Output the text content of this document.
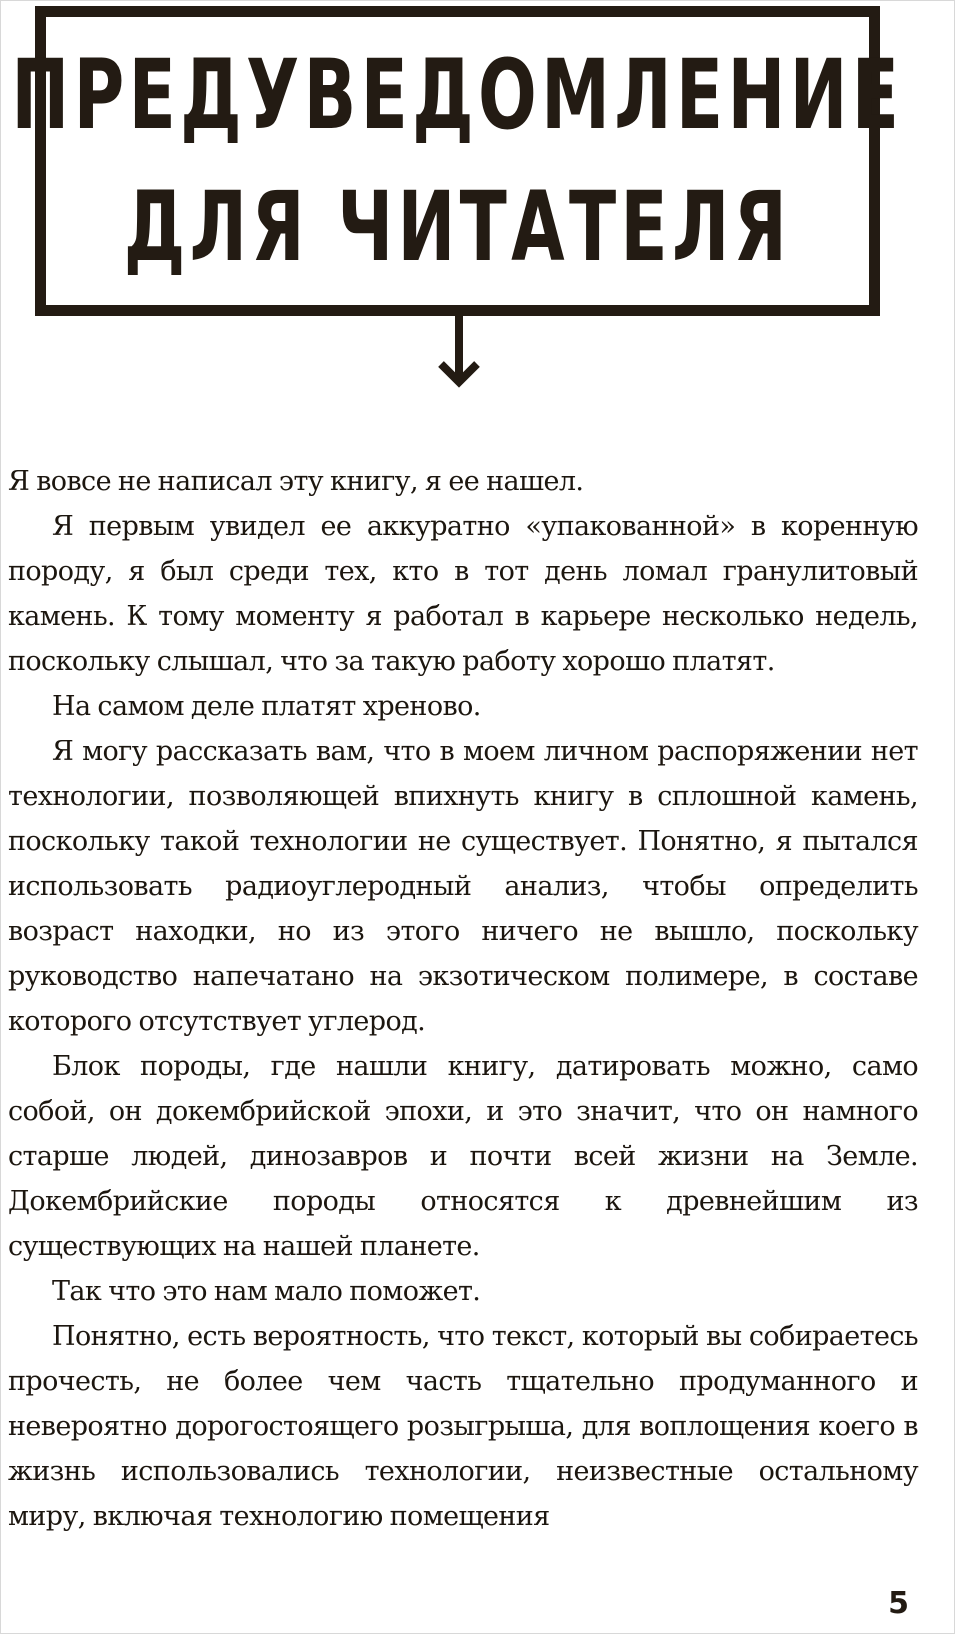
ПРЕДУВЕДОМЛЕНИЕ
ДЛЯ ЧИТАТЕЛЯ

Я вовсе не написал эту книгу, я ее нашел.

Я первым увидел ее аккуратно «упакованной» в коренную породу, я был среди тех, кто в тот день ломал гранулитовый камень. К тому моменту я работал в карьере несколько недель, поскольку слышал, что за такую работу хорошо платят.

На самом деле платят хреново.

Я могу рассказать вам, что в моем личном распоряжении нет технологии, позволяющей впихнуть книгу в сплошной камень, поскольку такой технологии не существует. Понятно, я пытался использовать радиоуглеродный анализ, чтобы определить возраст находки, но из этого ничего не вышло, поскольку руководство напечатано на экзотическом полимере, в составе которого отсутствует углерод.

Блок породы, где нашли книгу, датировать можно, само собой, он докембрийской эпохи, и это значит, что он намного старше людей, динозавров и почти всей жизни на Земле. Докембрийские породы относятся к древнейшим из существующих на нашей планете.

Так что это нам мало поможет.

Понятно, есть вероятность, что текст, который вы собираетесь прочесть, не более чем часть тщательно продуманного и невероятно дорогостоящего розыгрыша, для воплощения коего в жизнь использовались технологии, неизвестные остальному миру, включая технологию помещения

5
